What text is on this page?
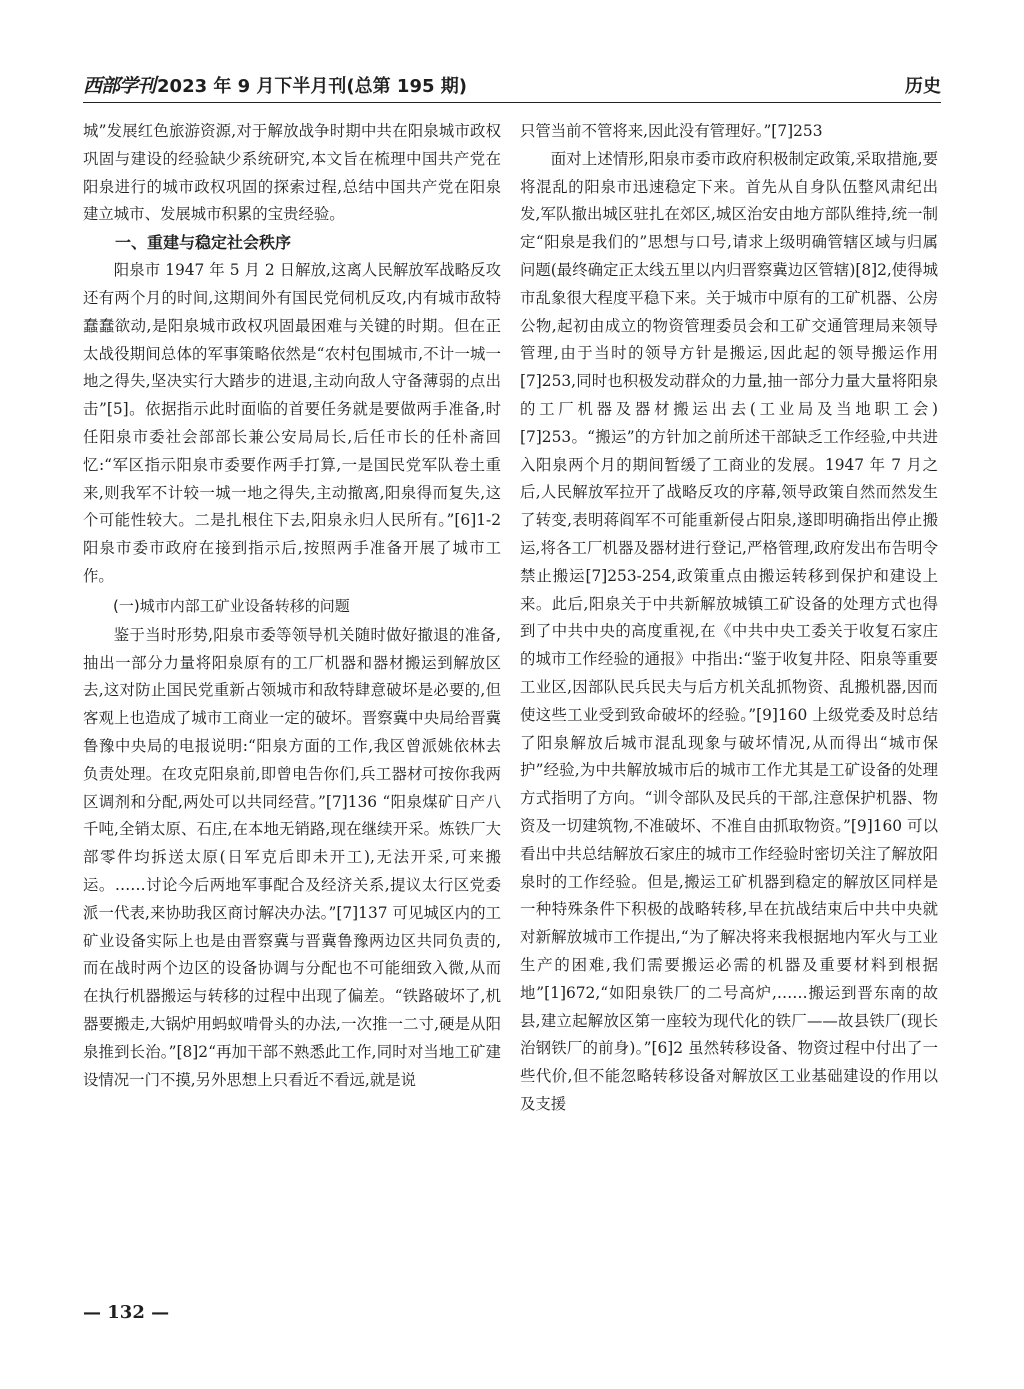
西部学刊 2023 年 9 月下半月刊(总第 195 期)	历史

城”发展红色旅游资源,对于解放战争时期中共在阳泉城市政权巩固与建设的经验缺少系统研究,本文旨在梳理中国共产党在阳泉进行的城市政权巩固的探索过程,总结中国共产党在阳泉建立城市、发展城市积累的宝贵经验。

一、重建与稳定社会秩序

阳泉市 1947 年 5 月 2 日解放,这离人民解放军战略反攻还有两个月的时间,这期间外有国民党伺机反攻,内有城市敌特蠢蠢欲动,是阳泉城市政权巩固最困难与关键的时期。但在正太战役期间总体的军事策略依然是“农村包围城市,不计一城一地之得失,坚决实行大踏步的进退,主动向敌人守备薄弱的点出击”[5]。依据指示此时面临的首要任务就是要做两手准备,时任阳泉市委社会部部长兼公安局局长,后任市长的任朴斋回忆:“军区指示阳泉市委要作两手打算,一是国民党军队卷土重来,则我军不计较一城一地之得失,主动撤离,阳泉得而复失,这个可能性较大。二是扎根住下去,阳泉永归人民所有。”[6]1-2 阳泉市委市政府在接到指示后,按照两手准备开展了城市工作。

(一)城市内部工矿业设备转移的问题

鉴于当时形势,阳泉市委等领导机关随时做好撤退的准备,抽出一部分力量将阳泉原有的工厂机器和器材搬运到解放区去,这对防止国民党重新占领城市和敌特肆意破坏是必要的,但客观上也造成了城市工商业一定的破坏。晋察冀中央局给晋冀鲁豫中央局的电报说明:“阳泉方面的工作,我区曾派姚依林去负责处理。在攻克阳泉前,即曾电告你们,兵工器材可按你我两区调剂和分配,两处可以共同经营。”[7]136 “阳泉煤矿日产八千吨,全销太原、石庄,在本地无销路,现在继续开采。炼铁厂大部零件均拆送太原(日军克后即未开工),无法开采,可来搬运。……讨论今后两地军事配合及经济关系,提议太行区党委派一代表,来协助我区商讨解决办法。”[7]137 可见城区内的工矿业设备实际上也是由晋察冀与晋冀鲁豫两边区共同负责的,而在战时两个边区的设备协调与分配也不可能细致入微,从而在执行机器搬运与转移的过程中出现了偏差。“铁路破坏了,机器要搬走,大锅炉用蚂蚁啃骨头的办法,一次推一二寸,硬是从阳泉推到长治。”[8]2“再加干部不熟悉此工作,同时对当地工矿建设情况一门不摸,另外思想上只看近不看远,就是说

只管当前不管将来,因此没有管理好。”[7]253

面对上述情形,阳泉市委市政府积极制定政策,采取措施,要将混乱的阳泉市迅速稳定下来。首先从自身队伍整风肃纪出发,军队撤出城区驻扎在郊区,城区治安由地方部队维持,统一制定“阳泉是我们的”思想与口号,请求上级明确管辖区域与归属问题(最终确定正太线五里以内归晋察冀边区管辖)[8]2,使得城市乱象很大程度平稳下来。关于城市中原有的工矿机器、公房公物,起初由成立的物资管理委员会和工矿交通管理局来领导管理,由于当时的领导方针是搬运,因此起的领导搬运作用[7]253,同时也积极发动群众的力量,抽一部分力量大量将阳泉的工厂机器及器材搬运出去(工业局及当地职工会)[7]253。“搬运”的方针加之前所述干部缺乏工作经验,中共进入阳泉两个月的期间暂缓了工商业的发展。1947 年 7 月之后,人民解放军拉开了战略反攻的序幕,领导政策自然而然发生了转变,表明蒋阎军不可能重新侵占阳泉,遂即明确指出停止搬运,将各工厂机器及器材进行登记,严格管理,政府发出布告明令禁止搬运[7]253-254,政策重点由搬运转移到保护和建设上来。此后,阳泉关于中共新解放城镇工矿设备的处理方式也得到了中共中央的高度重视,在《中共中央工委关于收复石家庄的城市工作经验的通报》中指出:“鉴于收复井陉、阳泉等重要工业区,因部队民兵民夫与后方机关乱抓物资、乱搬机器,因而使这些工业受到致命破坏的经验。”[9]160 上级党委及时总结了阳泉解放后城市混乱现象与破坏情况,从而得出“城市保护”经验,为中共解放城市后的城市工作尤其是工矿设备的处理方式指明了方向。“训令部队及民兵的干部,注意保护机器、物资及一切建筑物,不准破坏、不准自由抓取物资。”[9]160 可以看出中共总结解放石家庄的城市工作经验时密切关注了解放阳泉时的工作经验。但是,搬运工矿机器到稳定的解放区同样是一种特殊条件下积极的战略转移,早在抗战结束后中共中央就对新解放城市工作提出,“为了解决将来我根据地内军火与工业生产的困难,我们需要搬运必需的机器及重要材料到根据地”[1]672,“如阳泉铁厂的二号高炉,……搬运到晋东南的故县,建立起解放区第一座较为现代化的铁厂——故县铁厂(现长治钢铁厂的前身)。”[6]2 虽然转移设备、物资过程中付出了一些代价,但不能忽略转移设备对解放区工业基础建设的作用以及支援

— 132 —
